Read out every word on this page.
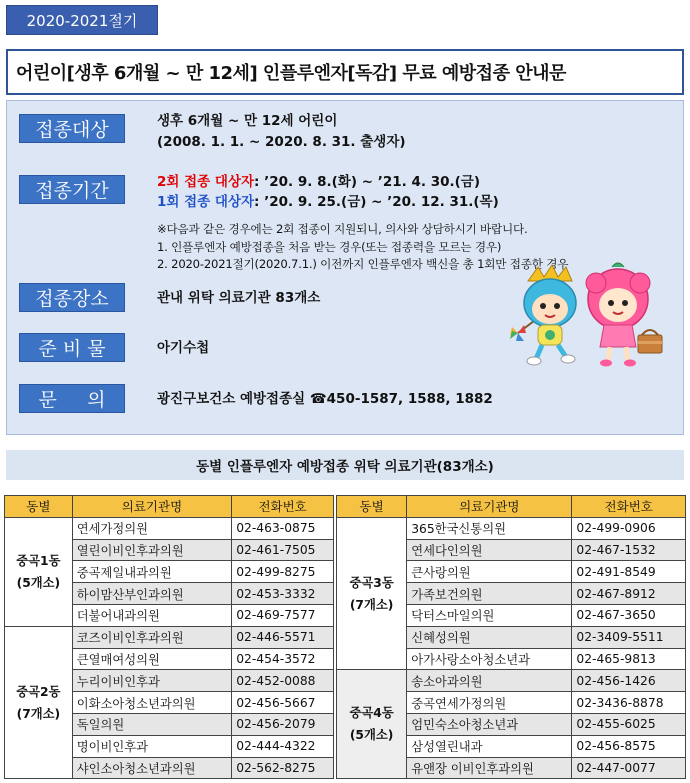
2020-2021절기
어린이[생후 6개월 ~ 만 12세] 인플루엔자[독감] 무료 예방접종 안내문
접종대상	생후 6개월 ~ 만 12세 어린이
(2008. 1. 1. ~ 2020. 8. 31. 출생자)
접종기간	2회 접종 대상자: ’20. 9. 8.(화) ~ ’21. 4. 30.(금)
1회 접종 대상자: ’20. 9. 25.(금) ~ ’20. 12. 31.(목)
※다음과 같은 경우에는 2회 접종이 지원되니, 의사와 상담하시기 바랍니다.
1. 인플루엔자 예방접종을 처음 받는 경우(또는 접종력을 모르는 경우)
2. 2020-2021절기(2020.7.1.) 이전까지 인플루엔자 백신을 총 1회만 접종한 경우
접종장소	관내 위탁 의료기관 83개소
준 비 물	아기수첩
문     의	광진구보건소 예방접종실 ☎450-1587, 1588, 1882
동별 인플루엔자 예방접종 위탁 의료기관(83개소)
동별	의료기관명	전화번호

중곡1동
(5개소)	연세가정의원	02-463-0875
	열린이비인후과의원	02-461-7505
	중곡제일내과의원	02-499-8275
	하이맘산부인과의원	02-453-3332
	더불어내과의원	02-469-7577

중곡2동
(7개소)	코즈이비인후과의원	02-446-5571
	큰열매여성의원	02-454-3572
	누리이비인후과	02-452-0088
	이화소아청소년과의원	02-456-5667
	독일의원	02-456-2079
	명이비인후과	02-444-4322
	샤인소아청소년과의원	02-562-8275
동별	의료기관명	전화번호

중곡3동
(7개소)	365한국신통의원	02-499-0906
	연세다인의원	02-467-1532
	큰사랑의원	02-491-8549
	가족보건의원	02-467-8912
	닥터스마일의원	02-467-3650
	신혜성의원	02-3409-5511
	아가사랑소아청소년과	02-465-9813

중곡4동
(5개소)	송소아과의원	02-456-1426
	중곡연세가정의원	02-3436-8878
	엄민숙소아청소년과	02-455-6025
	삼성열린내과	02-456-8575
	유앤장 이비인후과의원	02-447-0077
